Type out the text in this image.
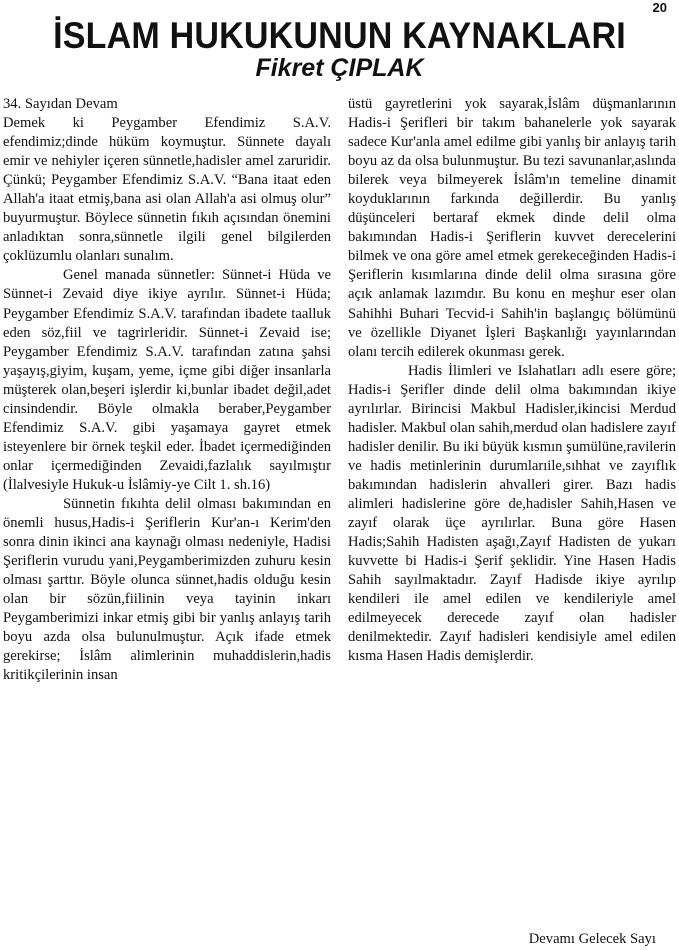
20
İSLAM HUKUKUNUN KAYNAKLARI
Fikret ÇIPLAK

34. Sayıdan Devam

Demek ki Peygamber Efendimiz S.A.V. efendimiz;dinde hüküm koymuştur. Sünnete dayalı emir ve nehiyler içeren sünnetle,hadisler amel zaruridir. Çünkü; Peygamber Efendimiz S.A.V. “Bana itaat eden Allah'a itaat etmiş,bana asi olan Allah'a asi olmuş olur” buyurmuştur. Böylece sünnetin fıkıh açısından önemini anladıktan sonra,sünnetle ilgili genel bilgilerden çoklüzumlu olanları sunalım.

Genel manada sünnetler: Sünnet-i Hüda ve Sünnet-i Zevaid diye ikiye ayrılır. Sünnet-i Hüda; Peygamber Efendimiz S.A.V. tarafından ibadete taalluk eden söz,fiil ve tagrirleridir. Sünnet-i Zevaid ise; Peygamber Efendimiz S.A.V. tarafından zatına şahsi yaşayış,giyim, kuşam, yeme, içme gibi diğer insanlarla müşterek olan,beşeri işlerdir ki,bunlar ibadet değil,adet cinsindendir. Böyle olmakla beraber,Peygamber Efendimiz S.A.V. gibi yaşamaya gayret etmek isteyenlere bir örnek teşkil eder. İbadet içermediğinden onlar içermediğinden Zevaidi,fazlalık sayılmıştır (İlalvesiyle Hukuk-u İslâmiy-ye Cilt 1. sh.16)

Sünnetin fıkıhta delil olması bakımından en önemli husus,Hadis-i Şeriflerin Kur'an-ı Kerim'den sonra dinin ikinci ana kaynağı olması nedeniyle, Hadisi Şeriflerin vurudu yani,Peygamberimizden zuhuru kesin olması şarttır. Böyle olunca sünnet,hadis olduğu kesin olan bir sözün,fiilinin veya tayinin inkarı Peygamberimizi inkar etmiş gibi bir yanlış anlayış tarih boyu azda olsa bulunulmuştur. Açık ifade etmek gerekirse; İslâm alimlerinin muhaddislerin,hadis kritikçilerinin insan

üstü gayretlerini yok sayarak,İslâm düşmanlarının Hadis-i Şerifleri bir takım bahanelerle yok sayarak sadece Kur'anla amel edilme gibi yanlış bir anlayış tarih boyu az da olsa bulunmuştur. Bu tezi savunanlar,aslında bilerek veya bilmeyerek İslâm'ın temeline dinamit koyduklarının farkında değillerdir. Bu yanlış düşünceleri bertaraf ekmek dinde delil olma bakımından Hadis-i Şeriflerin kuvvet derecelerini bilmek ve ona göre amel etmek gerekeceğinden Hadis-i Şeriflerin kısımlarına dinde delil olma sırasına göre açık anlamak lazımdır. Bu konu en meşhur eser olan Sahihhi Buhari Tecvid-i Sahih'in başlangıç bölümünü ve özellikle Diyanet İşleri Başkanlığı yayınlarından olanı tercih edilerek okunması gerek.

Hadis İlimleri ve Islahatları adlı esere göre; Hadis-i Şerifler dinde delil olma bakımından ikiye ayrılırlar. Birincisi Makbul Hadisler,ikincisi Merdud hadisler. Makbul olan sahih,merdud olan hadislere zayıf hadisler denilir. Bu iki büyük kısmın şumülüne,ravilerin ve hadis metinlerinin durumlarıile,sıhhat ve zayıflık bakımından hadislerin ahvalleri girer. Bazı hadis alimleri hadislerine göre de,hadisler Sahih,Hasen ve zayıf olarak üçe ayrılırlar. Buna göre Hasen Hadis;Sahih Hadisten aşağı,Zayıf Hadisten de yukarı kuvvette bi Hadis-i Şerif şeklidir. Yine Hasen Hadis Sahih sayılmaktadır. Zayıf Hadisde ikiye ayrılıp kendileri ile amel edilen ve kendileriyle amel edilmeyecek derecede zayıf olan hadisler denilmektedir. Zayıf hadisleri kendisiyle amel edilen kısma Hasen Hadis demişlerdir.

Devamı Gelecek Sayı
